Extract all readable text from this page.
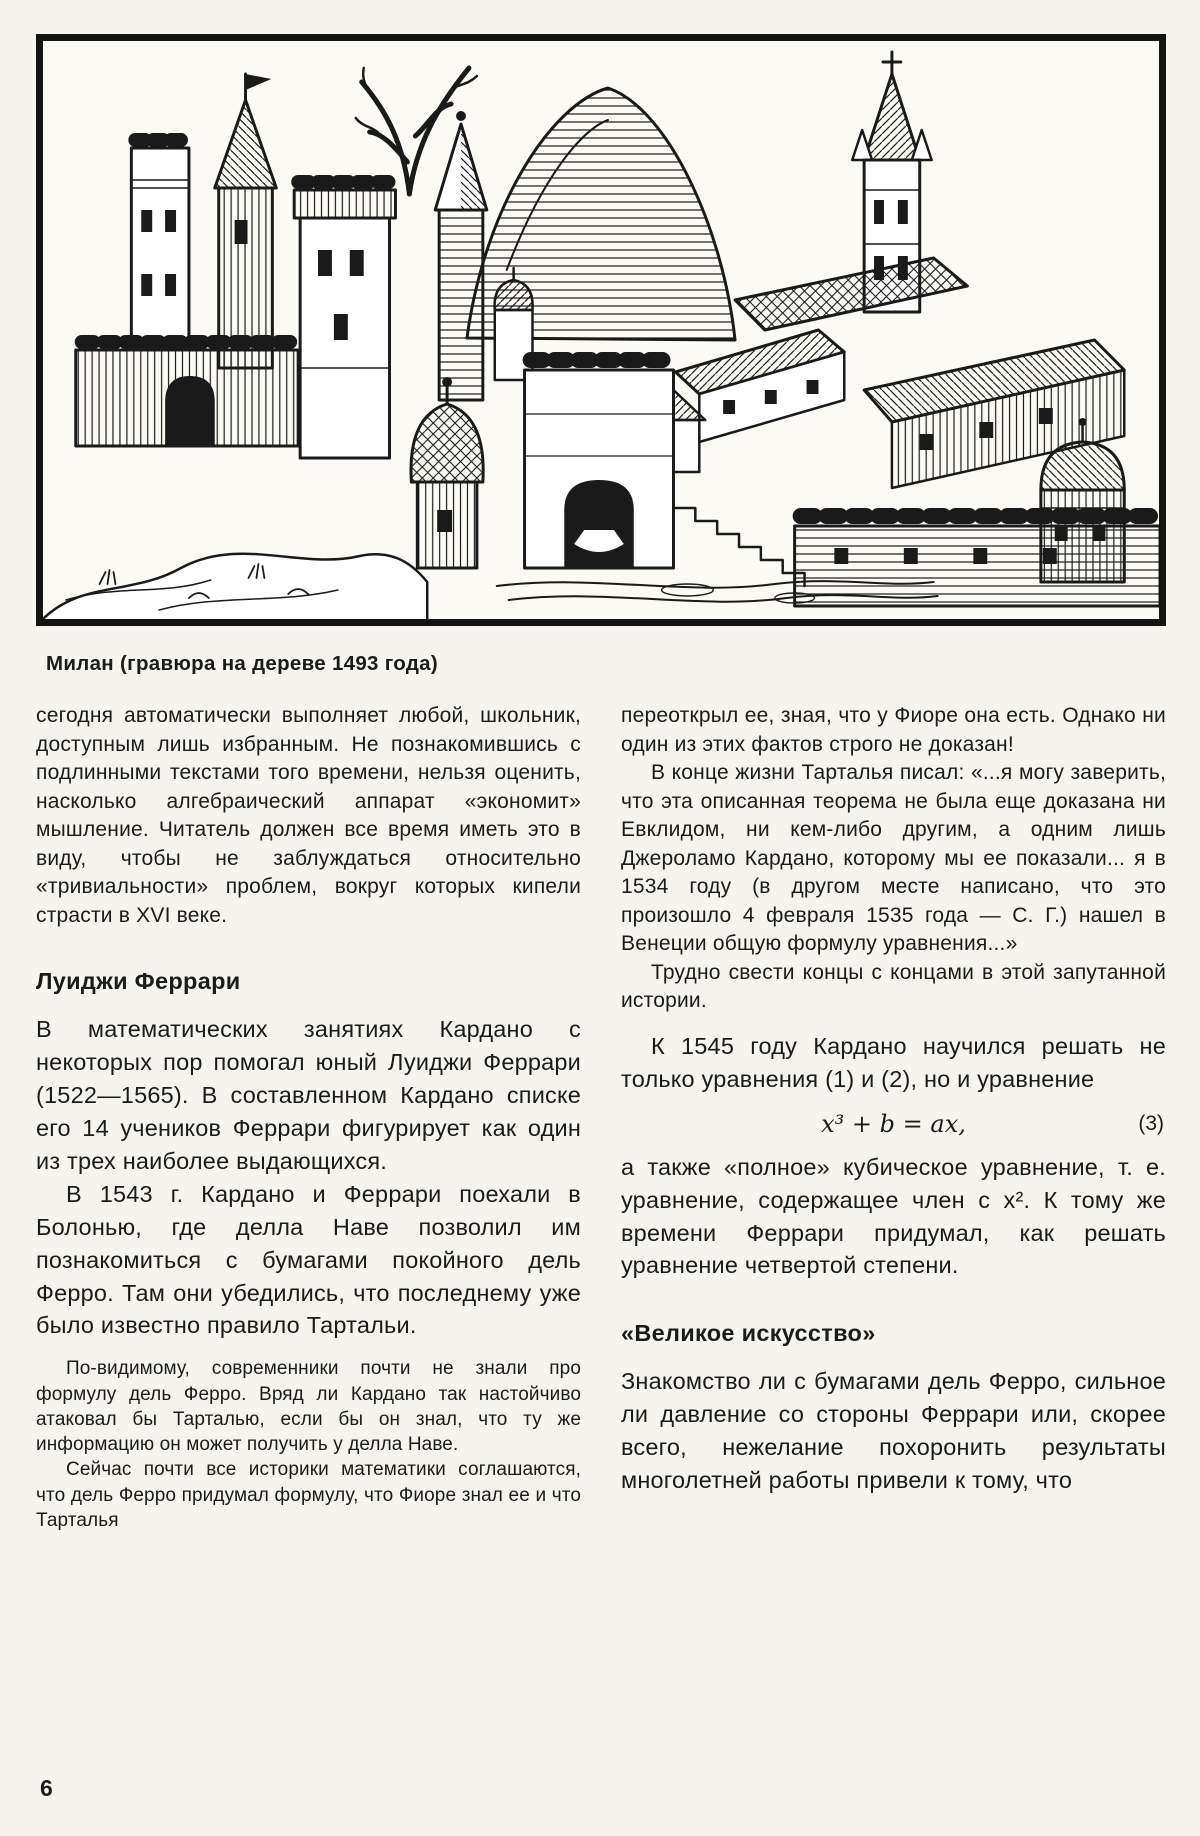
Милан (гравюра на дереве 1493 года)

сегодня автоматически выполняет любой, школьник, доступным лишь избранным. Не познакомившись с подлинными текстами того времени, нельзя оценить, насколько алгебраический аппарат «экономит» мышление. Читатель должен все время иметь это в виду, чтобы не заблуждаться относительно «тривиальности» проблем, вокруг которых кипели страсти в XVI веке.

Луиджи Феррари

В математических занятиях Кардано с некоторых пор помогал юный Луиджи Феррари (1522—1565). В составленном Кардано списке его 14 учеников Феррари фигурирует как один из трех наиболее выдающихся.

В 1543 г. Кардано и Феррари поехали в Болонью, где делла Наве позволил им познакомиться с бумагами покойного дель Ферро. Там они убедились, что последнему уже было известно правило Тартальи.

По-видимому, современники почти не знали про формулу дель Ферро. Вряд ли Кардано так настойчиво атаковал бы Тарталью, если бы он знал, что ту же информацию он может получить у делла Наве.

Сейчас почти все историки математики соглашаются, что дель Ферро придумал формулу, что Фиоре знал ее и что Тарталья

переоткрыл ее, зная, что у Фиоре она есть. Однако ни один из этих фактов строго не доказан!

В конце жизни Тарталья писал: «...я могу заверить, что эта описанная теорема не была еще доказана ни Евклидом, ни кем-либо другим, а одним лишь Джероламо Кардано, которому мы ее показали... я в 1534 году (в другом месте написано, что это произошло 4 февраля 1535 года — С. Г.) нашел в Венеции общую формулу уравнения...»

Трудно свести концы с концами в этой запутанной истории.

К 1545 году Кардано научился решать не только уравнения (1) и (2), но и уравнение

x³ + b = ax,	(3)

а также «полное» кубическое уравнение, т. е. уравнение, содержащее член с x². К тому же времени Феррари придумал, как решать уравнение четвертой степени.

«Великое искусство»

Знакомство ли с бумагами дель Ферро, сильное ли давление со стороны Феррари или, скорее всего, нежелание похоронить результаты многолетней работы привели к тому, что

6
